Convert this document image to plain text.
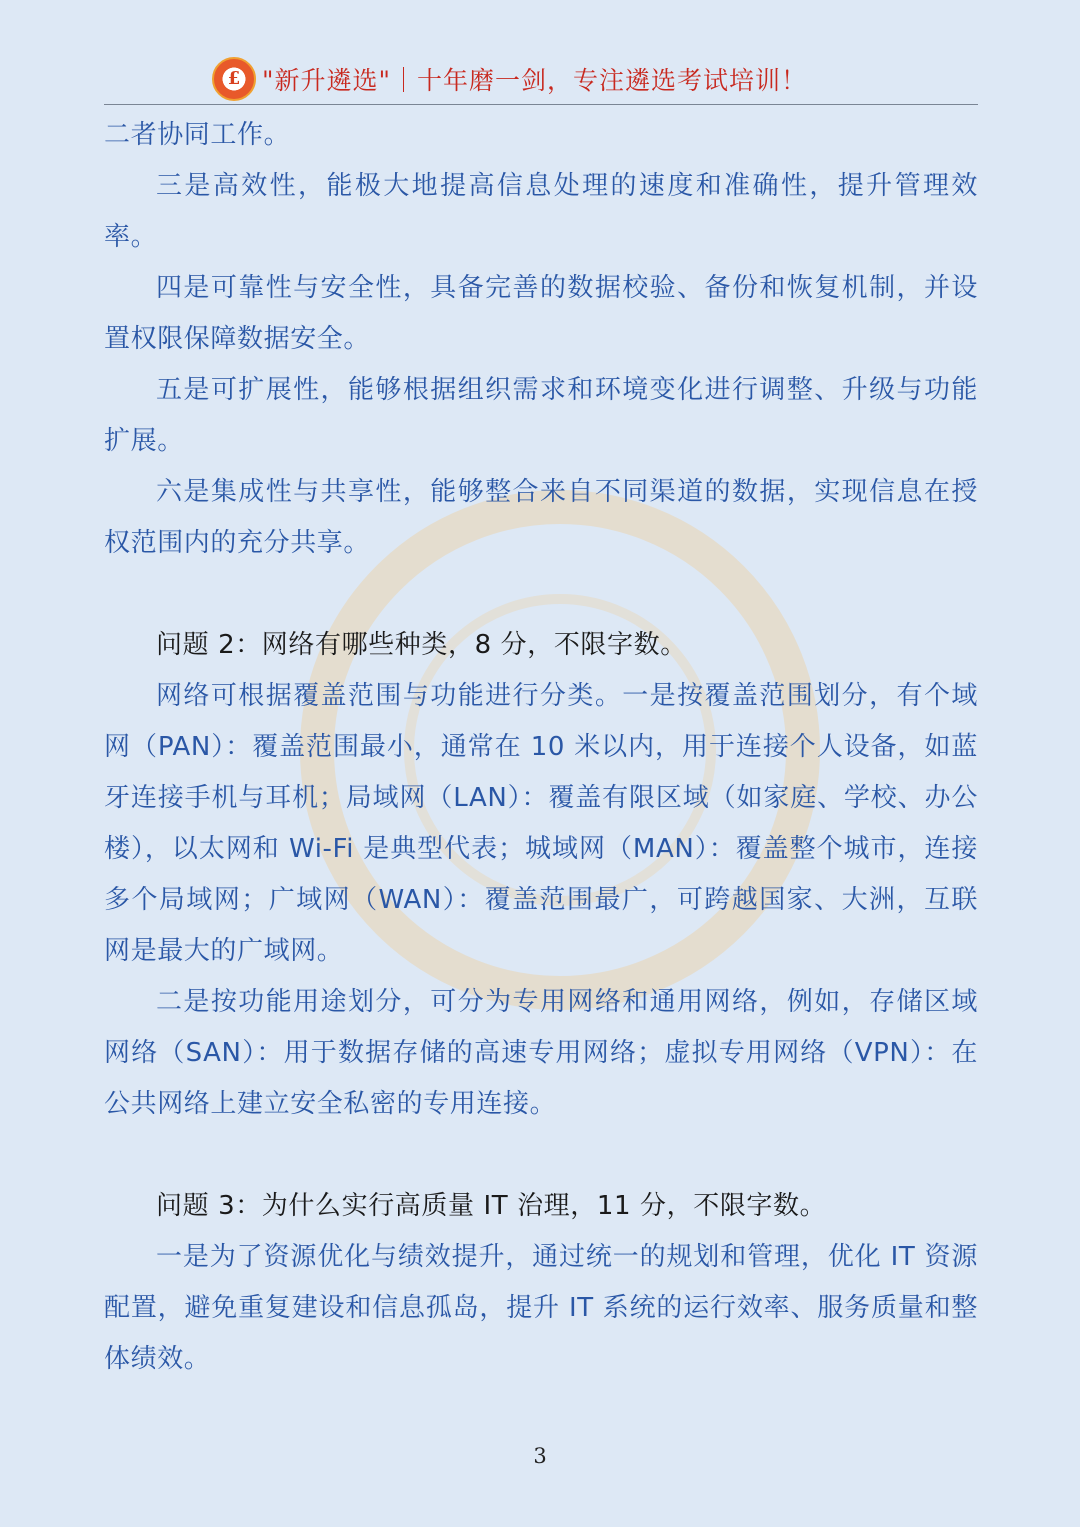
£ "新升遴选"｜十年磨一剑，专注遴选考试培训！

二者协同工作。

三是高效性，能极大地提高信息处理的速度和准确性，提升管理效率。

四是可靠性与安全性，具备完善的数据校验、备份和恢复机制，并设置权限保障数据安全。

五是可扩展性，能够根据组织需求和环境变化进行调整、升级与功能扩展。

六是集成性与共享性，能够整合来自不同渠道的数据，实现信息在授权范围内的充分共享。

问题 2：网络有哪些种类，8 分，不限字数。

网络可根据覆盖范围与功能进行分类。一是按覆盖范围划分，有个域网（PAN）：覆盖范围最小，通常在 10 米以内，用于连接个人设备，如蓝牙连接手机与耳机；局域网（LAN）：覆盖有限区域（如家庭、学校、办公楼），以太网和 Wi-Fi 是典型代表；城域网（MAN）：覆盖整个城市，连接多个局域网；广域网（WAN）：覆盖范围最广，可跨越国家、大洲，互联网是最大的广域网。

二是按功能用途划分，可分为专用网络和通用网络，例如，存储区域网络（SAN）：用于数据存储的高速专用网络；虚拟专用网络（VPN）：在公共网络上建立安全私密的专用连接。

问题 3：为什么实行高质量 IT 治理，11 分，不限字数。

一是为了资源优化与绩效提升，通过统一的规划和管理，优化 IT 资源配置，避免重复建设和信息孤岛，提升 IT 系统的运行效率、服务质量和整体绩效。

3
